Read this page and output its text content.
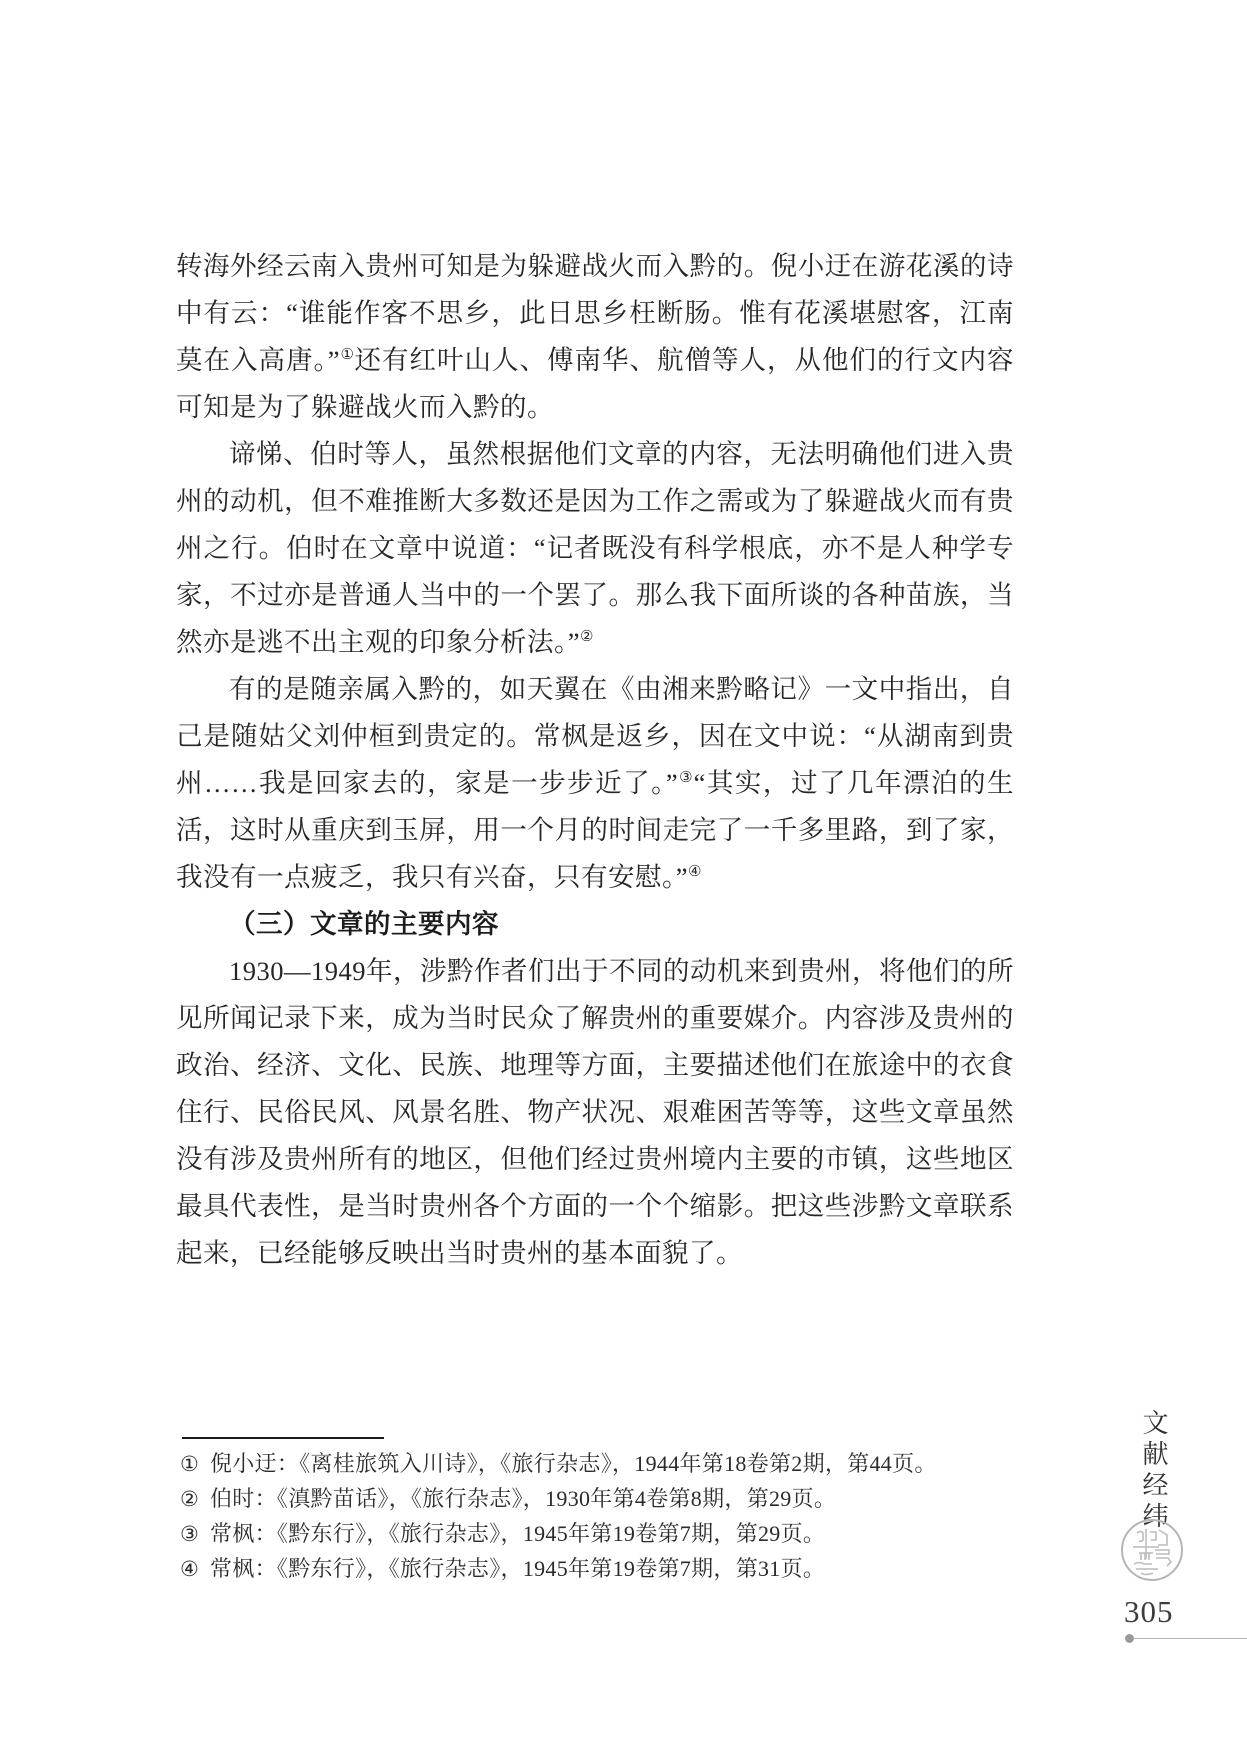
转海外经云南入贵州可知是为躲避战火而入黔的。倪小迂在游花溪的诗中有云：“谁能作客不思乡，此日思乡枉断肠。惟有花溪堪慰客，江南莫在入高唐。”①还有红叶山人、傅南华、航僧等人，从他们的行文内容可知是为了躲避战火而入黔的。

谛悌、伯时等人，虽然根据他们文章的内容，无法明确他们进入贵州的动机，但不难推断大多数还是因为工作之需或为了躲避战火而有贵州之行。伯时在文章中说道：“记者既没有科学根底，亦不是人种学专家，不过亦是普通人当中的一个罢了。那么我下面所谈的各种苗族，当然亦是逃不出主观的印象分析法。”②

有的是随亲属入黔的，如天翼在《由湘来黔略记》一文中指出，自己是随姑父刘仲桓到贵定的。常枫是返乡，因在文中说：“从湖南到贵州……我是回家去的，家是一步步近了。”③“其实，过了几年漂泊的生活，这时从重庆到玉屏，用一个月的时间走完了一千多里路，到了家，我没有一点疲乏，我只有兴奋，只有安慰。”④

（三）文章的主要内容

1930—1949年，涉黔作者们出于不同的动机来到贵州，将他们的所见所闻记录下来，成为当时民众了解贵州的重要媒介。内容涉及贵州的政治、经济、文化、民族、地理等方面，主要描述他们在旅途中的衣食住行、民俗民风、风景名胜、物产状况、艰难困苦等等，这些文章虽然没有涉及贵州所有的地区，但他们经过贵州境内主要的市镇，这些地区最具代表性，是当时贵州各个方面的一个个缩影。把这些涉黔文章联系起来，已经能够反映出当时贵州的基本面貌了。

① 倪小迂：《离桂旅筑入川诗》，《旅行杂志》，1944年第18卷第2期，第44页。
② 伯时：《滇黔苗话》，《旅行杂志》，1930年第4卷第8期，第29页。
③ 常枫：《黔东行》，《旅行杂志》，1945年第19卷第7期，第29页。
④ 常枫：《黔东行》，《旅行杂志》，1945年第19卷第7期，第31页。
文献经纬
305
